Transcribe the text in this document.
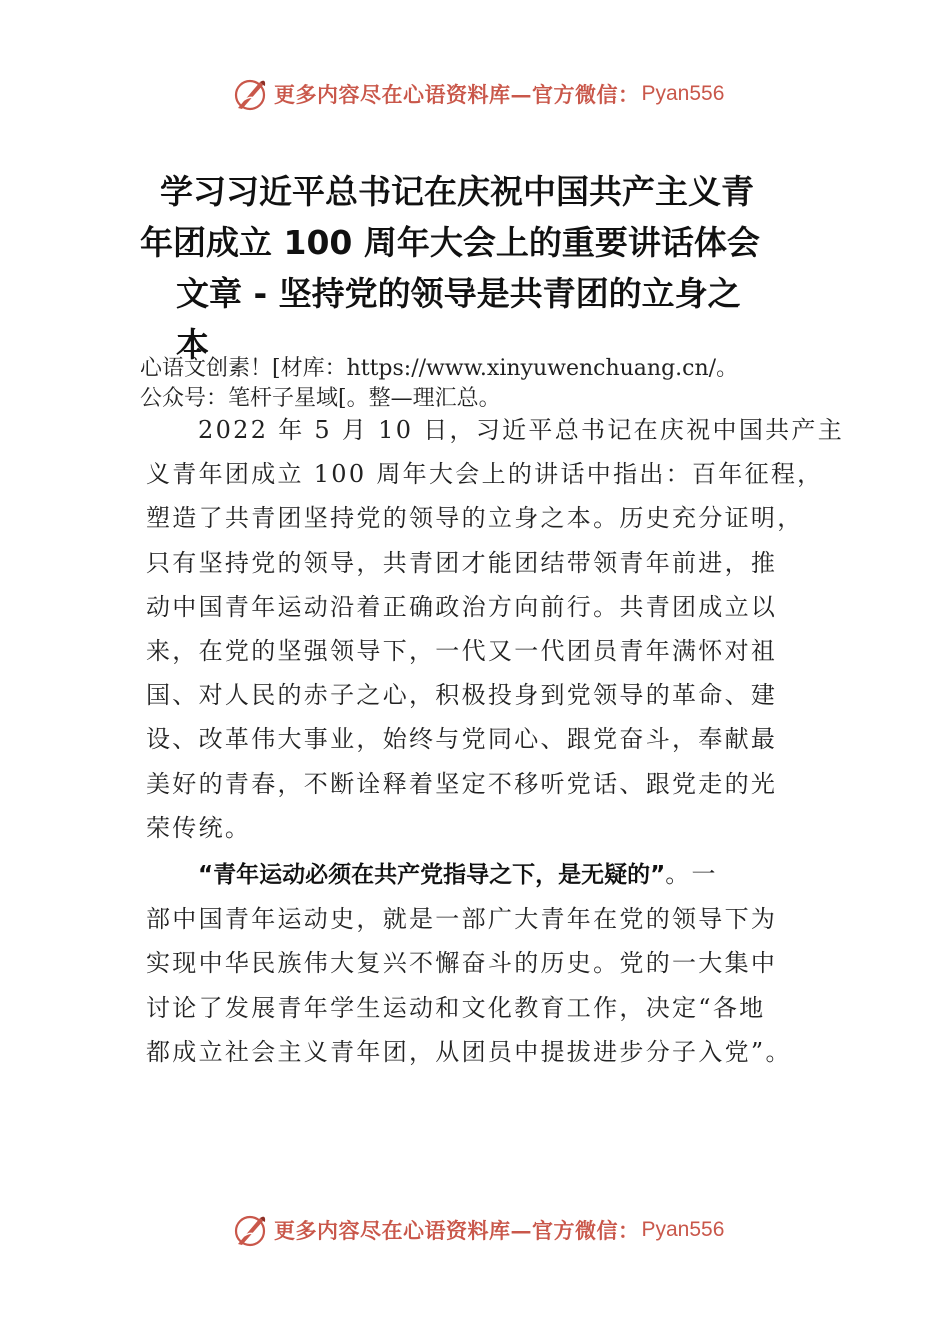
更多内容尽在心语资料库—官方微信： Pyan556
学习习近平总书记在庆祝中国共产主义青
年团成立 100 周年大会上的重要讲话体会
文章 - 坚持党的领导是共青团的立身之
本
心语文创素！[材库：https://www.xinyuwenchuang.cn/。
公众号：笔杆子星域[。整—理汇总。
2022 年 5 月 10 日，习近平总书记在庆祝中国共产主
义青年团成立 100 周年大会上的讲话中指出：百年征程，
塑造了共青团坚持党的领导的立身之本。历史充分证明，
只有坚持党的领导，共青团才能团结带领青年前进，推
动中国青年运动沿着正确政治方向前行。共青团成立以
来，在党的坚强领导下，一代又一代团员青年满怀对祖
国、对人民的赤子之心，积极投身到党领导的革命、建
设、改革伟大事业，始终与党同心、跟党奋斗，奉献最
美好的青春，不断诠释着坚定不移听党话、跟党走的光
荣传统。
“青年运动必须在共产党指导之下，是无疑的”。一
部中国青年运动史，就是一部广大青年在党的领导下为
实现中华民族伟大复兴不懈奋斗的历史。党的一大集中
讨论了发展青年学生运动和文化教育工作，决定“各地
都成立社会主义青年团，从团员中提拔进步分子入党”。
更多内容尽在心语资料库—官方微信： Pyan556
